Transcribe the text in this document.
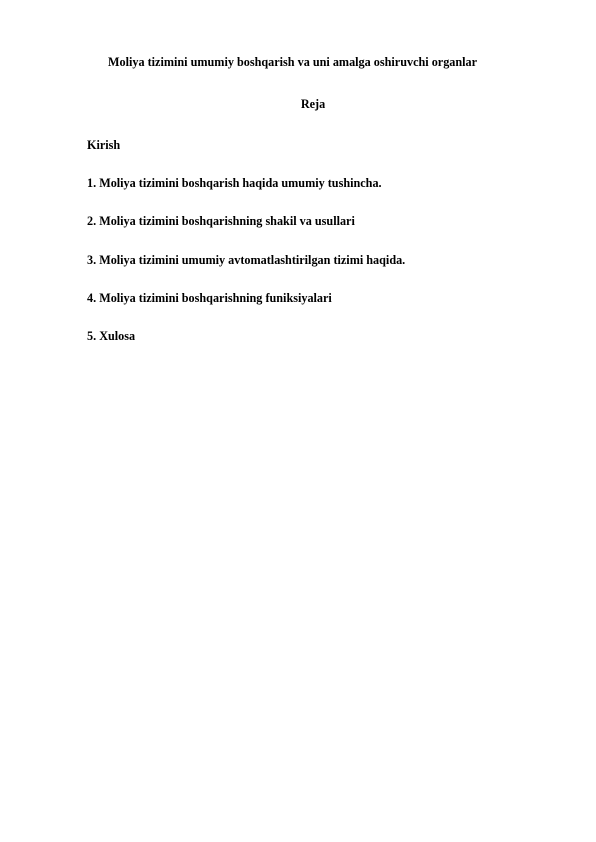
Moliya tizimini umumiy boshqarish va uni amalga oshiruvchi organlar
Reja
Kirish
1. Moliya tizimini boshqarish haqida umumiy tushincha.
2. Moliya tizimini boshqarishning shakil va usullari
3. Moliya tizimini umumiy avtomatlashtirilgan tizimi haqida.
4. Moliya tizimini boshqarishning funiksiyalari
5. Xulosa
